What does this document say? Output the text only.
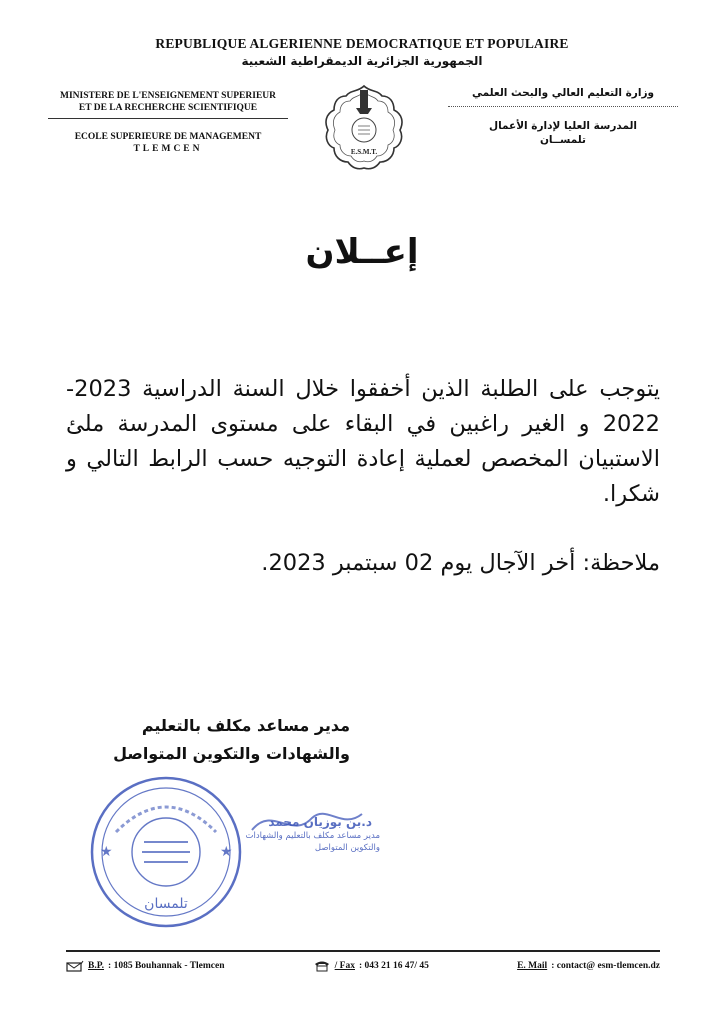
REPUBLIQUE ALGERIENNE DEMOCRATIQUE ET POPULAIRE
الجمهورية الجزائرية الديمقراطية الشعبية
MINISTERE DE L'ENSEIGNEMENT SUPERIEUR
ET DE LA RECHERCHE SCIENTIFIQUE
ECOLE SUPERIEURE DE MANAGEMENT
TLEMCEN	E.S.M.T.
وزارة التعليم العالي والبحث العلمي
المدرسة العليا لإدارة الأعمال
تلمســان
إعــلان
يتوجب على الطلبة الذين أخفقوا خلال السنة الدراسية 2023-2022 و الغير راغبين في البقاء على مستوى المدرسة ملئ الاستبيان المخصص لعملية إعادة التوجيه حسب الرابط التالي و شكرا.
ملاحظة: أخر الآجال يوم 02 سبتمبر 2023.
مدير مساعد مكلف بالتعليم
والشهادات والتكوين المتواصل
★	★
تلمسان
د.بن بوزيان محمد
مدير مساعد مكلف بالتعليم والشهادات والتكوين المتواصل
B.P. : 1085 Bouhannak - Tlemcen	/ Fax : 043 21 16 47/ 45	E. Mail : contact@ esm-tlemcen.dz
